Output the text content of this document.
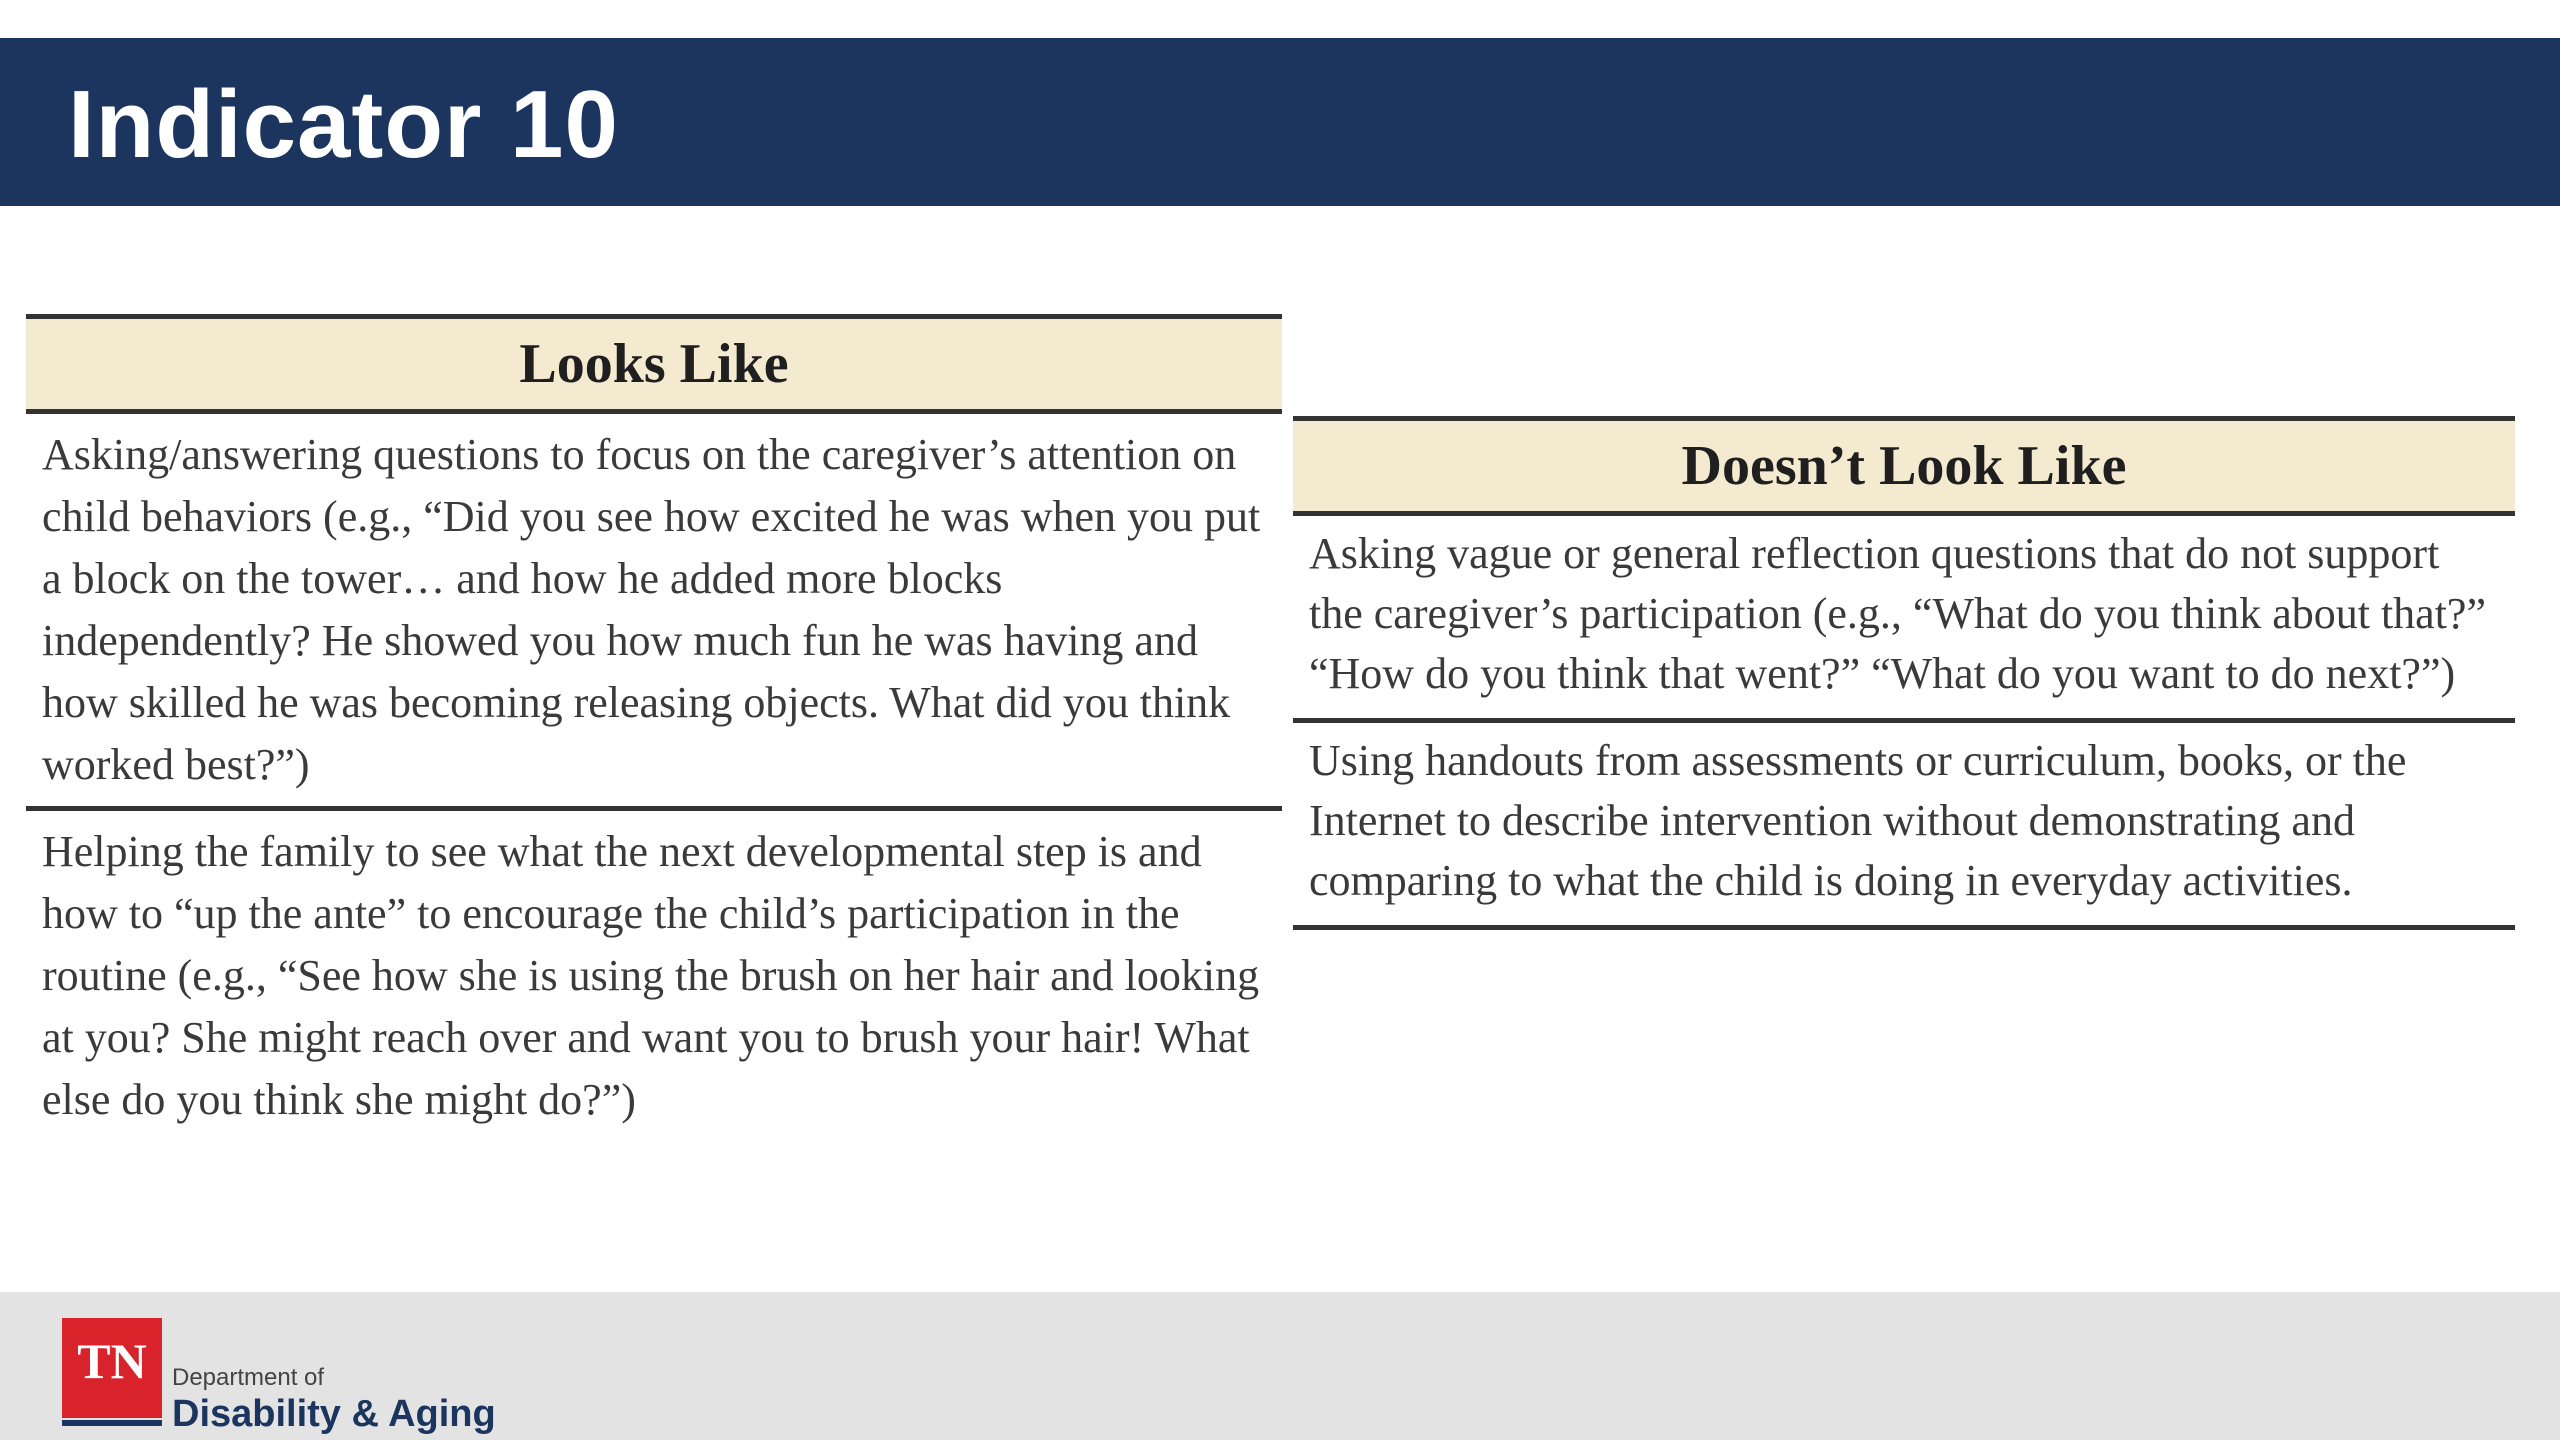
Indicator 10
Looks Like
Asking/answering questions to focus on the caregiver’s attention on child behaviors (e.g., “Did you see how excited he was when you put a block on the tower… and how he added more blocks independently? He showed you how much fun he was having and how skilled he was becoming releasing objects. What did you think worked best?”)
Helping the family to see what the next developmental step is and how to “up the ante” to encourage the child’s participation in the routine (e.g., “See how she is using the brush on her hair and looking at you? She might reach over and want you to brush your hair! What else do you think she might do?”)
Doesn’t Look Like
Asking vague or general reflection questions that do not support the caregiver’s participation (e.g., “What do you think about that?” “How do you think that went?” “What do you want to do next?”)
Using handouts from assessments or curriculum, books, or the Internet to describe intervention without demonstrating and comparing to what the child is doing in everyday activities.
TN	Department of
Disability & Aging
